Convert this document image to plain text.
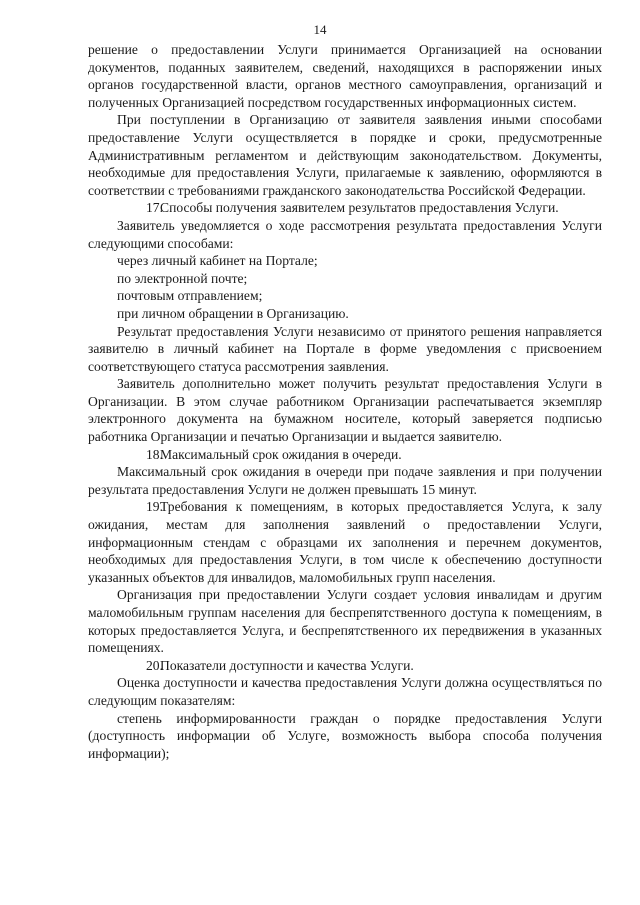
14

решение о предоставлении Услуги принимается Организацией на основании документов, поданных заявителем, сведений, находящихся в распоряжении иных органов государственной власти, органов местного самоуправления, организаций и полученных Организацией посредством государственных информационных систем.

При поступлении в Организацию от заявителя заявления иными способами предоставление Услуги осуществляется в порядке и сроки, предусмотренные Административным регламентом и действующим законодательством. Документы, необходимые для предоставления Услуги, прилагаемые к заявлению, оформляются в соответствии с требованиями гражданского законодательства Российской Федерации.

17.Способы получения заявителем результатов предоставления Услуги.

Заявитель уведомляется о ходе рассмотрения результата предоставления Услуги следующими способами:

через личный кабинет на Портале;

по электронной почте;

почтовым отправлением;

при личном обращении в Организацию.

Результат предоставления Услуги независимо от принятого решения направляется заявителю в личный кабинет на Портале в форме уведомления с присвоением соответствующего статуса рассмотрения заявления.

Заявитель дополнительно может получить результат предоставления Услуги в Организации. В этом случае работником Организации распечатывается экземпляр электронного документа на бумажном носителе, который заверяется подписью работника Организации и печатью Организации и выдается заявителю.

18.Максимальный срок ожидания в очереди.

Максимальный срок ожидания в очереди при подаче заявления и при получении результата предоставления Услуги не должен превышать 15 минут.

19.Требования к помещениям, в которых предоставляется Услуга, к залу ожидания, местам для заполнения заявлений о предоставлении Услуги, информационным стендам с образцами их заполнения и перечнем документов, необходимых для предоставления Услуги, в том числе к обеспечению доступности указанных объектов для инвалидов, маломобильных групп населения.

Организация при предоставлении Услуги создает условия инвалидам и другим маломобильным группам населения для беспрепятственного доступа к помещениям, в которых предоставляется Услуга, и беспрепятственного их передвижения в указанных помещениях.

20.Показатели доступности и качества Услуги.

Оценка доступности и качества предоставления Услуги должна осуществляться по следующим показателям:

степень информированности граждан о порядке предоставления Услуги (доступность информации об Услуге, возможность выбора способа получения информации);
